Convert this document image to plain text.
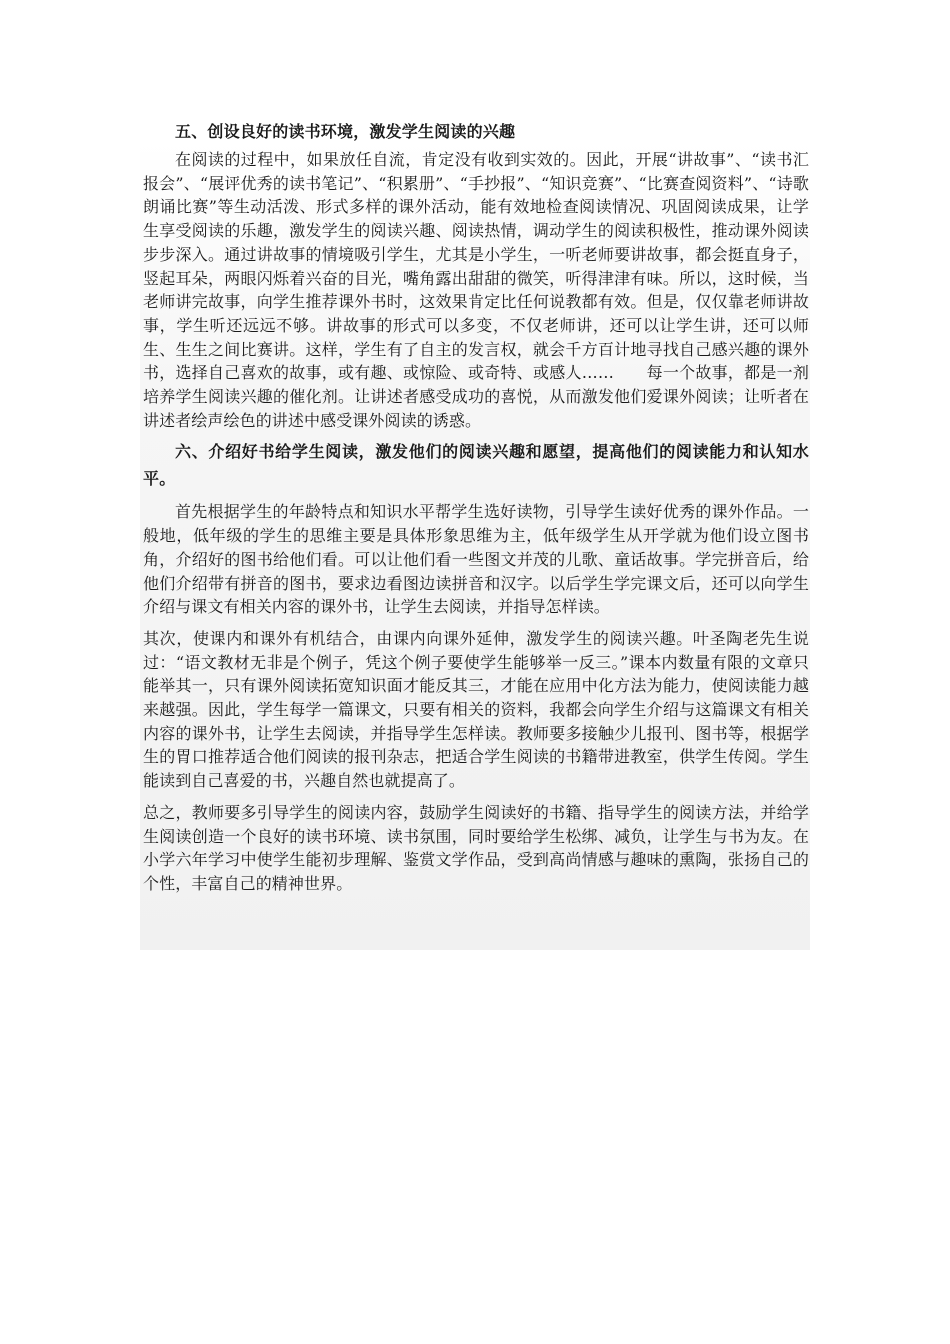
五、创设良好的读书环境，激发学生阅读的兴趣

在阅读的过程中，如果放任自流，肯定没有收到实效的。因此，开展“讲故事”、“读书汇报会”、“展评优秀的读书笔记”、“积累册”、“手抄报”、“知识竞赛”、“比赛查阅资料”、“诗歌朗诵比赛”等生动活泼、形式多样的课外活动，能有效地检查阅读情况、巩固阅读成果，让学生享受阅读的乐趣，激发学生的阅读兴趣、阅读热情，调动学生的阅读积极性，推动课外阅读步步深入。通过讲故事的情境吸引学生，尤其是小学生，一听老师要讲故事，都会挺直身子，竖起耳朵，两眼闪烁着兴奋的目光，嘴角露出甜甜的微笑，听得津津有味。所以，这时候，当老师讲完故事，向学生推荐课外书时，这效果肯定比任何说教都有效。但是，仅仅靠老师讲故事，学生听还远远不够。讲故事的形式可以多变，不仅老师讲，还可以让学生讲，还可以师生、生生之间比赛讲。这样，学生有了自主的发言权，就会千方百计地寻找自己感兴趣的课外书，选择自己喜欢的故事，或有趣、或惊险、或奇特、或感人……　　每一个故事，都是一剂培养学生阅读兴趣的催化剂。让讲述者感受成功的喜悦，从而激发他们爱课外阅读；让听者在讲述者绘声绘色的讲述中感受课外阅读的诱惑。

六、介绍好书给学生阅读，激发他们的阅读兴趣和愿望，提高他们的阅读能力和认知水平。

首先根据学生的年龄特点和知识水平帮学生选好读物，引导学生读好优秀的课外作品。一般地，低年级的学生的思维主要是具体形象思维为主，低年级学生从开学就为他们设立图书角，介绍好的图书给他们看。可以让他们看一些图文并茂的儿歌、童话故事。学完拼音后，给他们介绍带有拼音的图书，要求边看图边读拼音和汉字。以后学生学完课文后，还可以向学生介绍与课文有相关内容的课外书，让学生去阅读，并指导怎样读。

其次，使课内和课外有机结合，由课内向课外延伸，激发学生的阅读兴趣。叶圣陶老先生说过：“语文教材无非是个例子，凭这个例子要使学生能够举一反三。”课本内数量有限的文章只能举其一，只有课外阅读拓宽知识面才能反其三，才能在应用中化方法为能力，使阅读能力越来越强。因此，学生每学一篇课文，只要有相关的资料，我都会向学生介绍与这篇课文有相关内容的课外书，让学生去阅读，并指导学生怎样读。教师要多接触少儿报刊、图书等，根据学生的胃口推荐适合他们阅读的报刊杂志，把适合学生阅读的书籍带进教室，供学生传阅。学生能读到自己喜爱的书，兴趣自然也就提高了。

总之，教师要多引导学生的阅读内容，鼓励学生阅读好的书籍、指导学生的阅读方法，并给学生阅读创造一个良好的读书环境、读书氛围，同时要给学生松绑、减负，让学生与书为友。在小学六年学习中使学生能初步理解、鉴赏文学作品，受到高尚情感与趣味的熏陶，张扬自己的个性，丰富自己的精神世界。
